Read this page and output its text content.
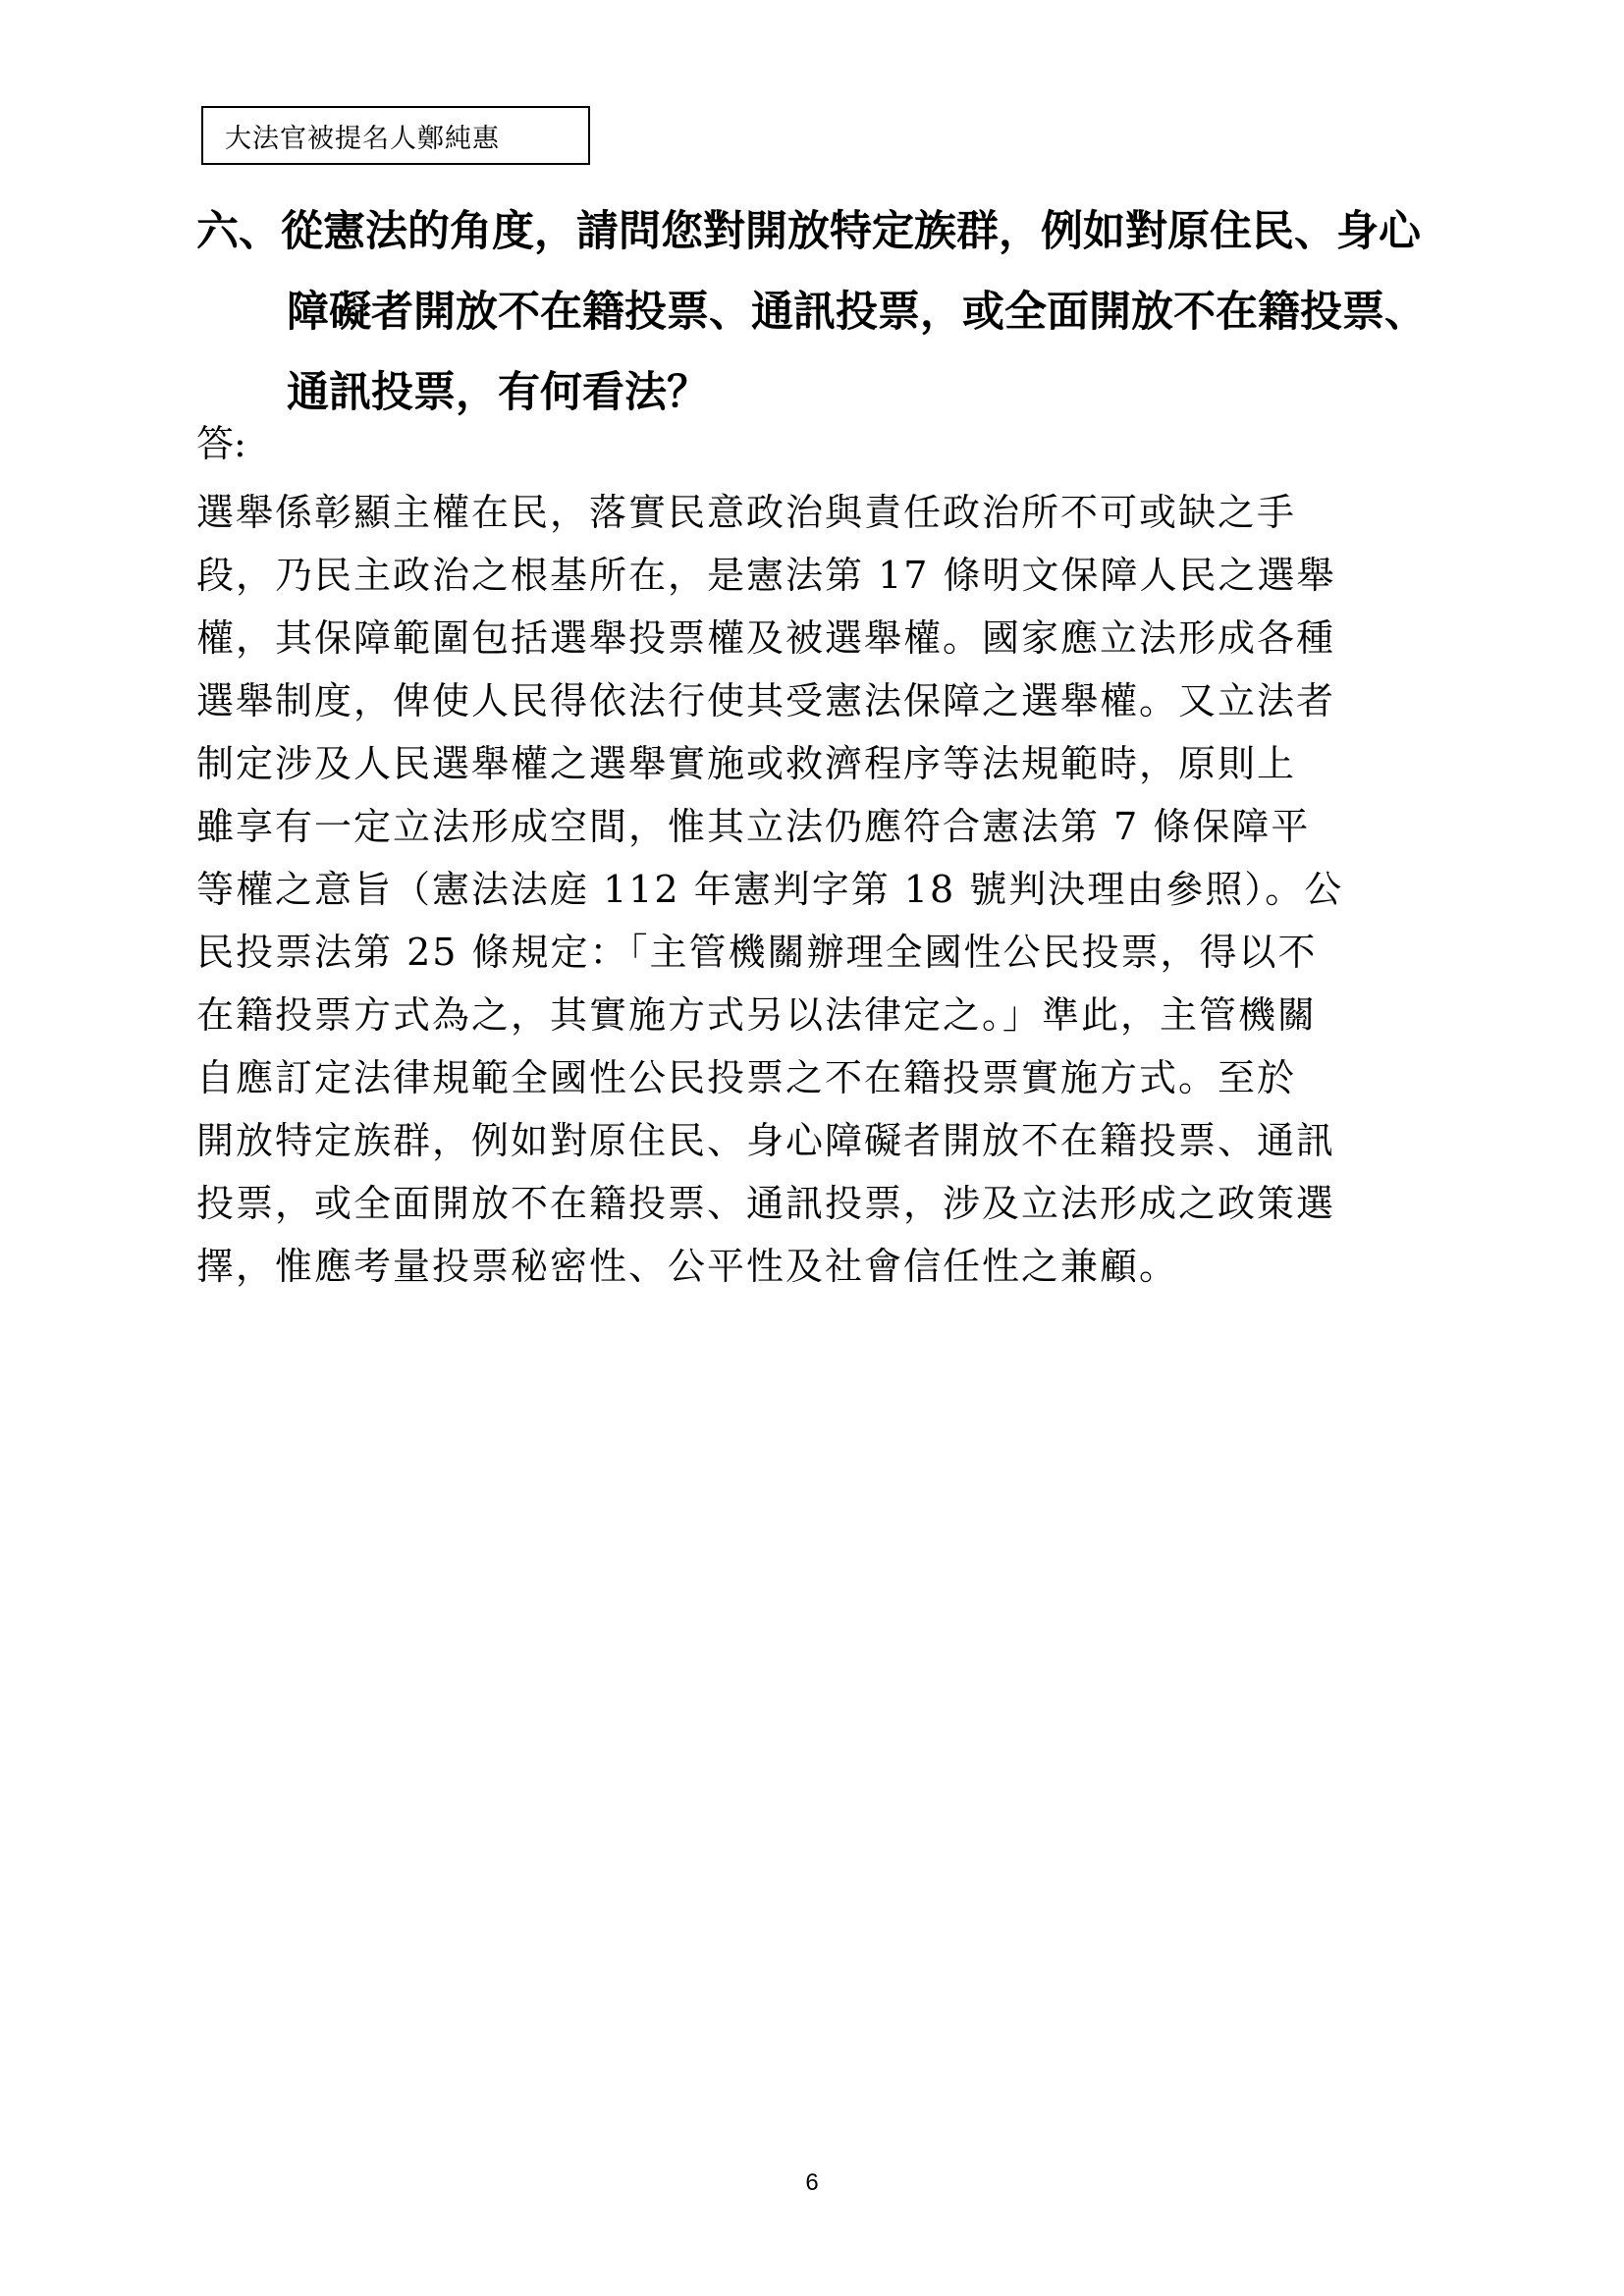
大法官被提名人鄭純惠
六、從憲法的角度，請問您對開放特定族群，例如對原住民、身心
障礙者開放不在籍投票、通訊投票，或全面開放不在籍投票、
通訊投票，有何看法？
答:
選舉係彰顯主權在民，落實民意政治與責任政治所不可或缺之手
段，乃民主政治之根基所在，是憲法第 17 條明文保障人民之選舉
權，其保障範圍包括選舉投票權及被選舉權。國家應立法形成各種
選舉制度，俾使人民得依法行使其受憲法保障之選舉權。又立法者
制定涉及人民選舉權之選舉實施或救濟程序等法規範時，原則上
雖享有一定立法形成空間，惟其立法仍應符合憲法第 7 條保障平
等權之意旨（憲法法庭 112 年憲判字第 18 號判決理由參照）。公
民投票法第 25 條規定：「主管機關辦理全國性公民投票，得以不
在籍投票方式為之，其實施方式另以法律定之。」準此，主管機關
自應訂定法律規範全國性公民投票之不在籍投票實施方式。至於
開放特定族群，例如對原住民、身心障礙者開放不在籍投票、通訊
投票，或全面開放不在籍投票、通訊投票，涉及立法形成之政策選
擇，惟應考量投票秘密性、公平性及社會信任性之兼顧。
6
